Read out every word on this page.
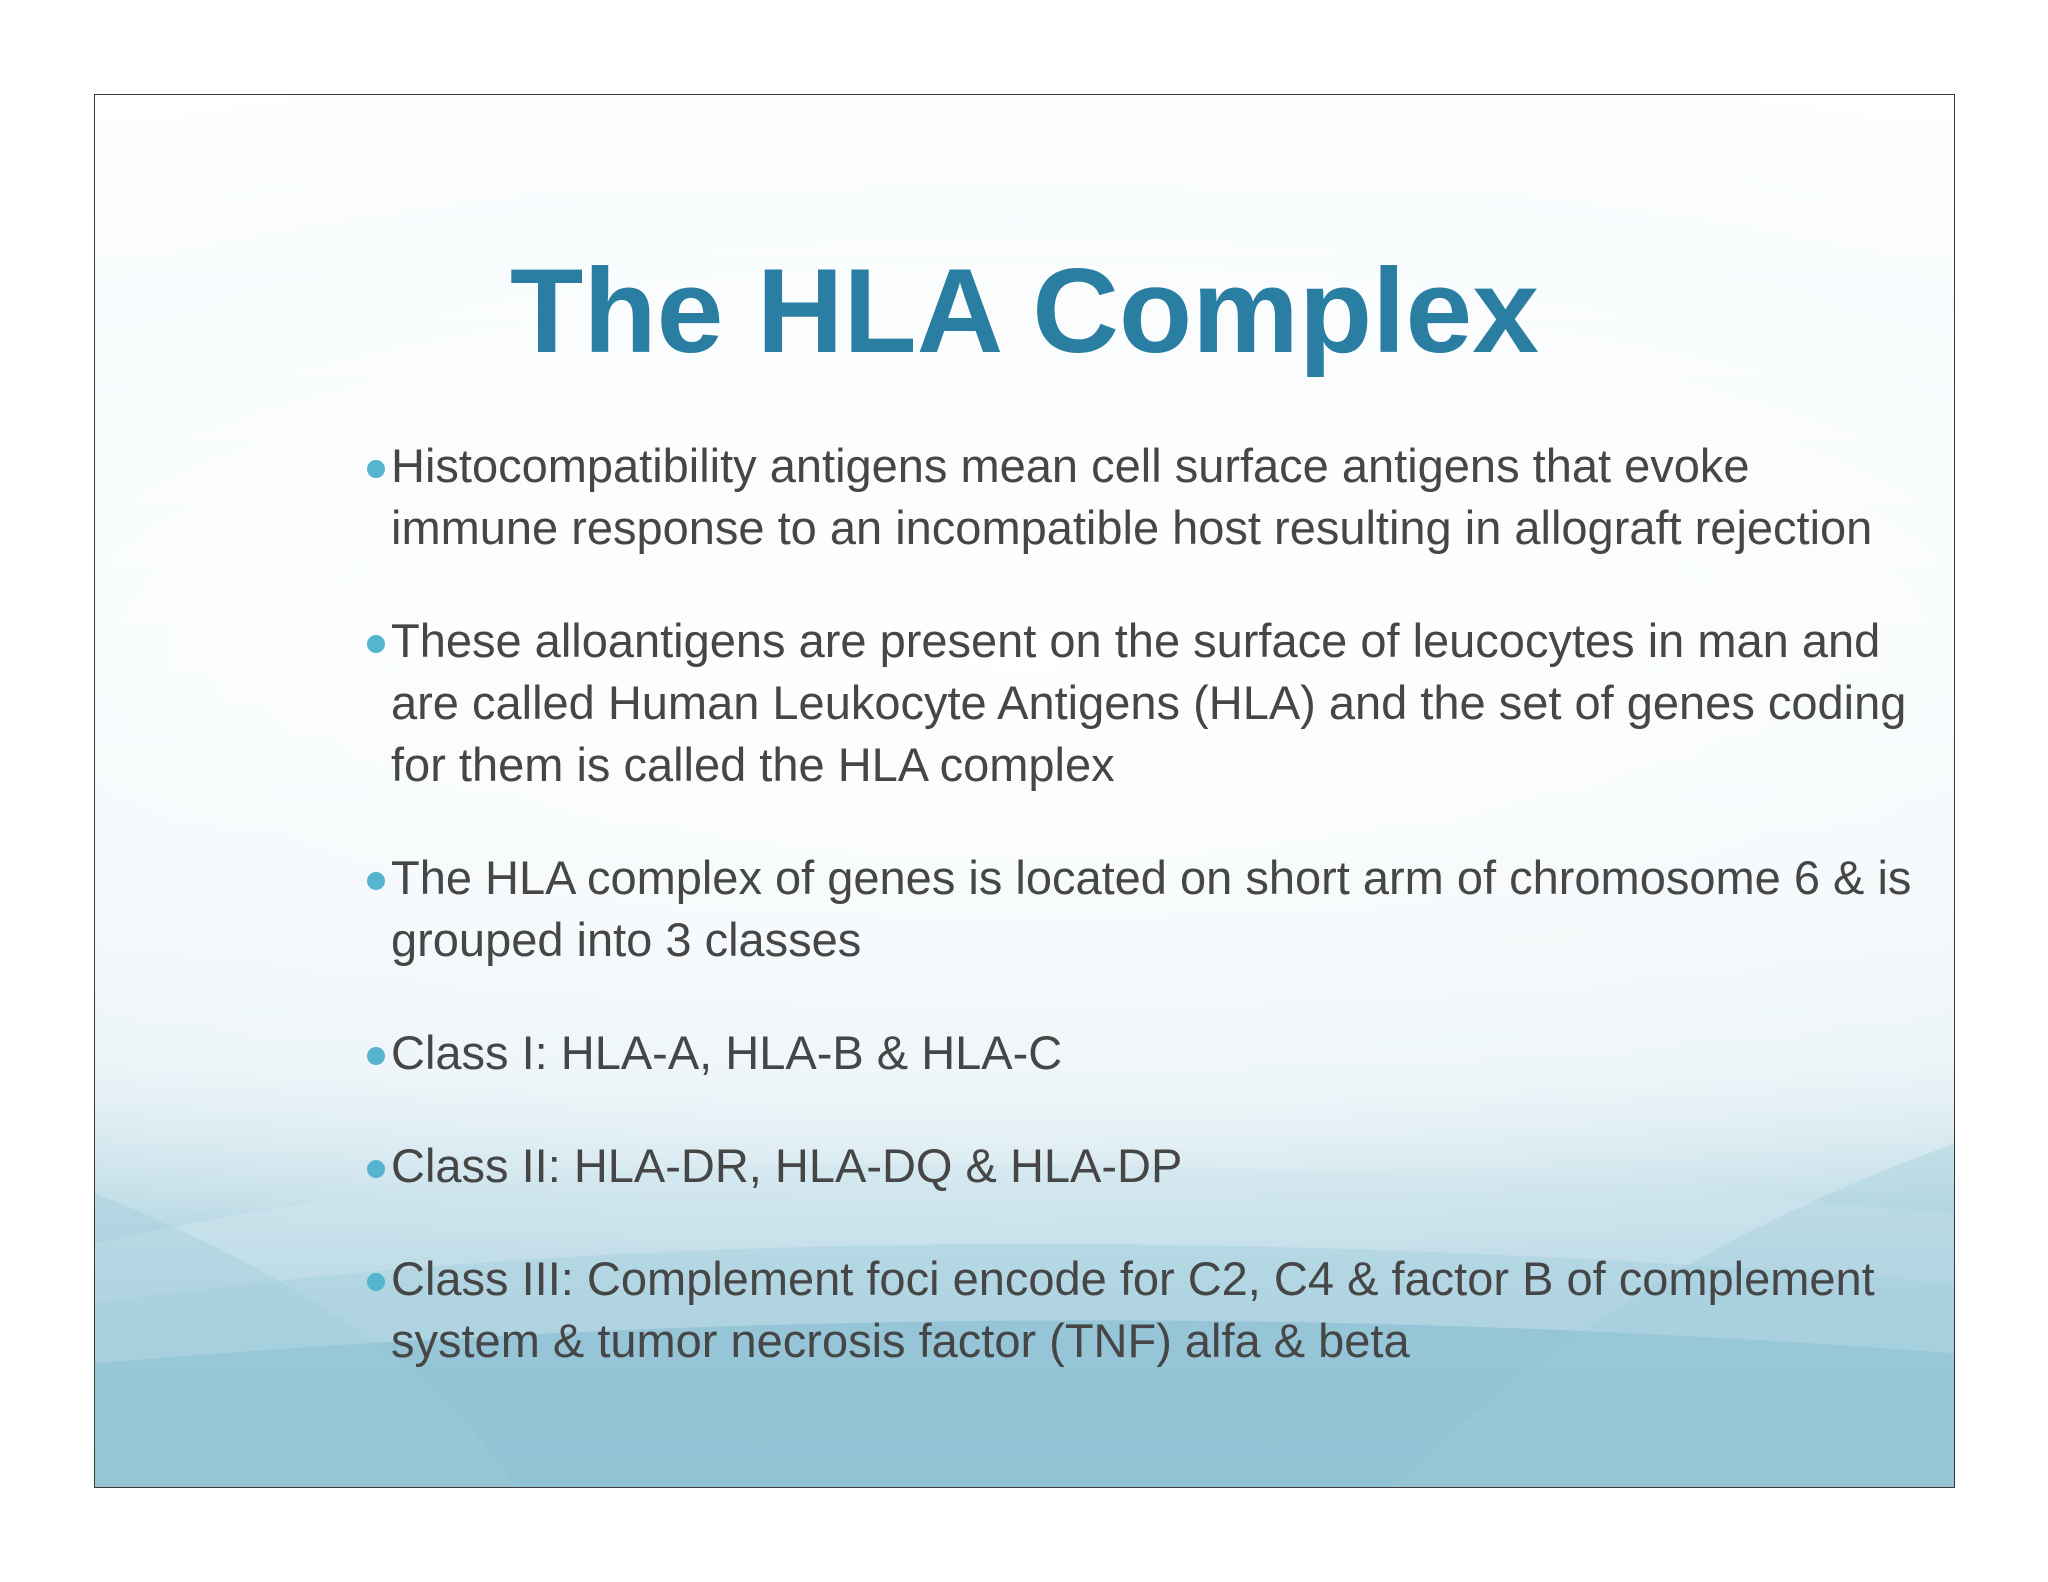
The HLA Complex
Histocompatibility antigens mean cell surface antigens that evoke immune response to an incompatible host resulting in allograft rejection
These alloantigens are present on the surface of leucocytes in man and are called Human Leukocyte Antigens (HLA) and the set of genes coding for them is called the HLA complex
The HLA complex of genes is located on short arm of chromosome 6 & is grouped into 3 classes
Class I: HLA-A, HLA-B & HLA-C
Class II: HLA-DR, HLA-DQ & HLA-DP
Class III: Complement foci encode for C2, C4 & factor B of complement system & tumor necrosis factor (TNF) alfa & beta
